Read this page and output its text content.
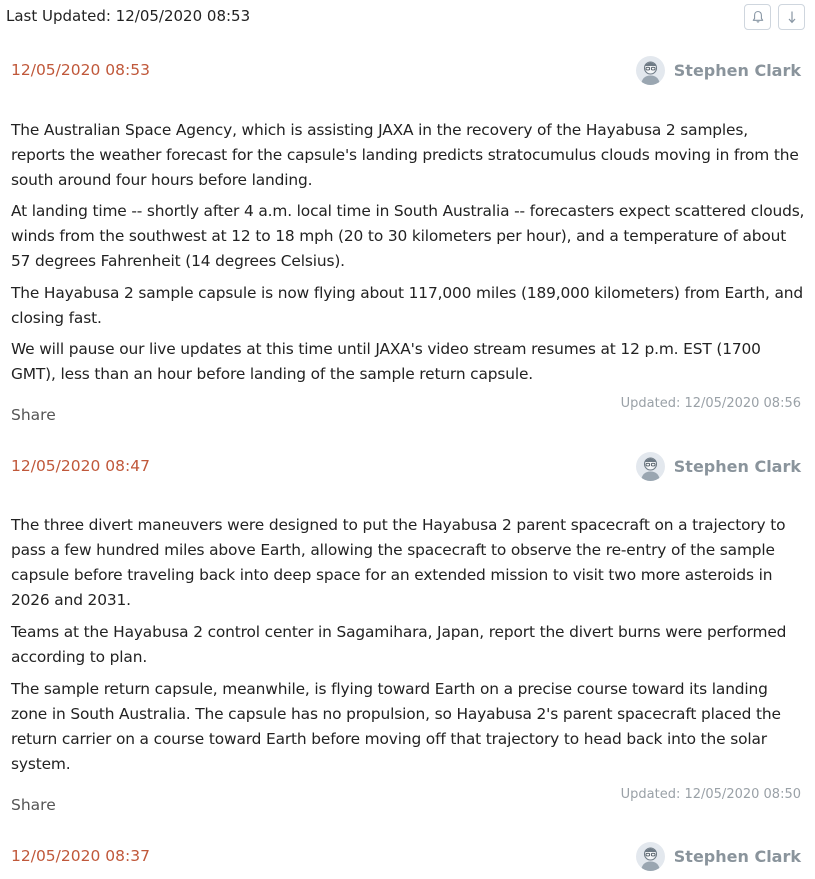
Last Updated: 12/05/2020 08:53
12/05/2020 08:53	Stephen Clark

The Australian Space Agency, which is assisting JAXA in the recovery of the Hayabusa 2 samples, reports the weather forecast for the capsule's landing predicts stratocumulus clouds moving in from the south around four hours before landing.

At landing time -- shortly after 4 a.m. local time in South Australia -- forecasters expect scattered clouds, winds from the southwest at 12 to 18 mph (20 to 30 kilometers per hour), and a temperature of about 57 degrees Fahrenheit (14 degrees Celsius).

The Hayabusa 2 sample capsule is now flying about 117,000 miles (189,000 kilometers) from Earth, and closing fast.

We will pause our live updates at this time until JAXA's video stream resumes at 12 p.m. EST (1700 GMT), less than an hour before landing of the sample return capsule.

Updated: 12/05/2020 08:56
Share
12/05/2020 08:47	Stephen Clark

The three divert maneuvers were designed to put the Hayabusa 2 parent spacecraft on a trajectory to pass a few hundred miles above Earth, allowing the spacecraft to observe the re-entry of the sample capsule before traveling back into deep space for an extended mission to visit two more asteroids in 2026 and 2031.

Teams at the Hayabusa 2 control center in Sagamihara, Japan, report the divert burns were performed according to plan.

The sample return capsule, meanwhile, is flying toward Earth on a precise course toward its landing zone in South Australia. The capsule has no propulsion, so Hayabusa 2's parent spacecraft placed the return carrier on a course toward Earth before moving off that trajectory to head back into the solar system.

Updated: 12/05/2020 08:50
Share
12/05/2020 08:37	Stephen Clark
